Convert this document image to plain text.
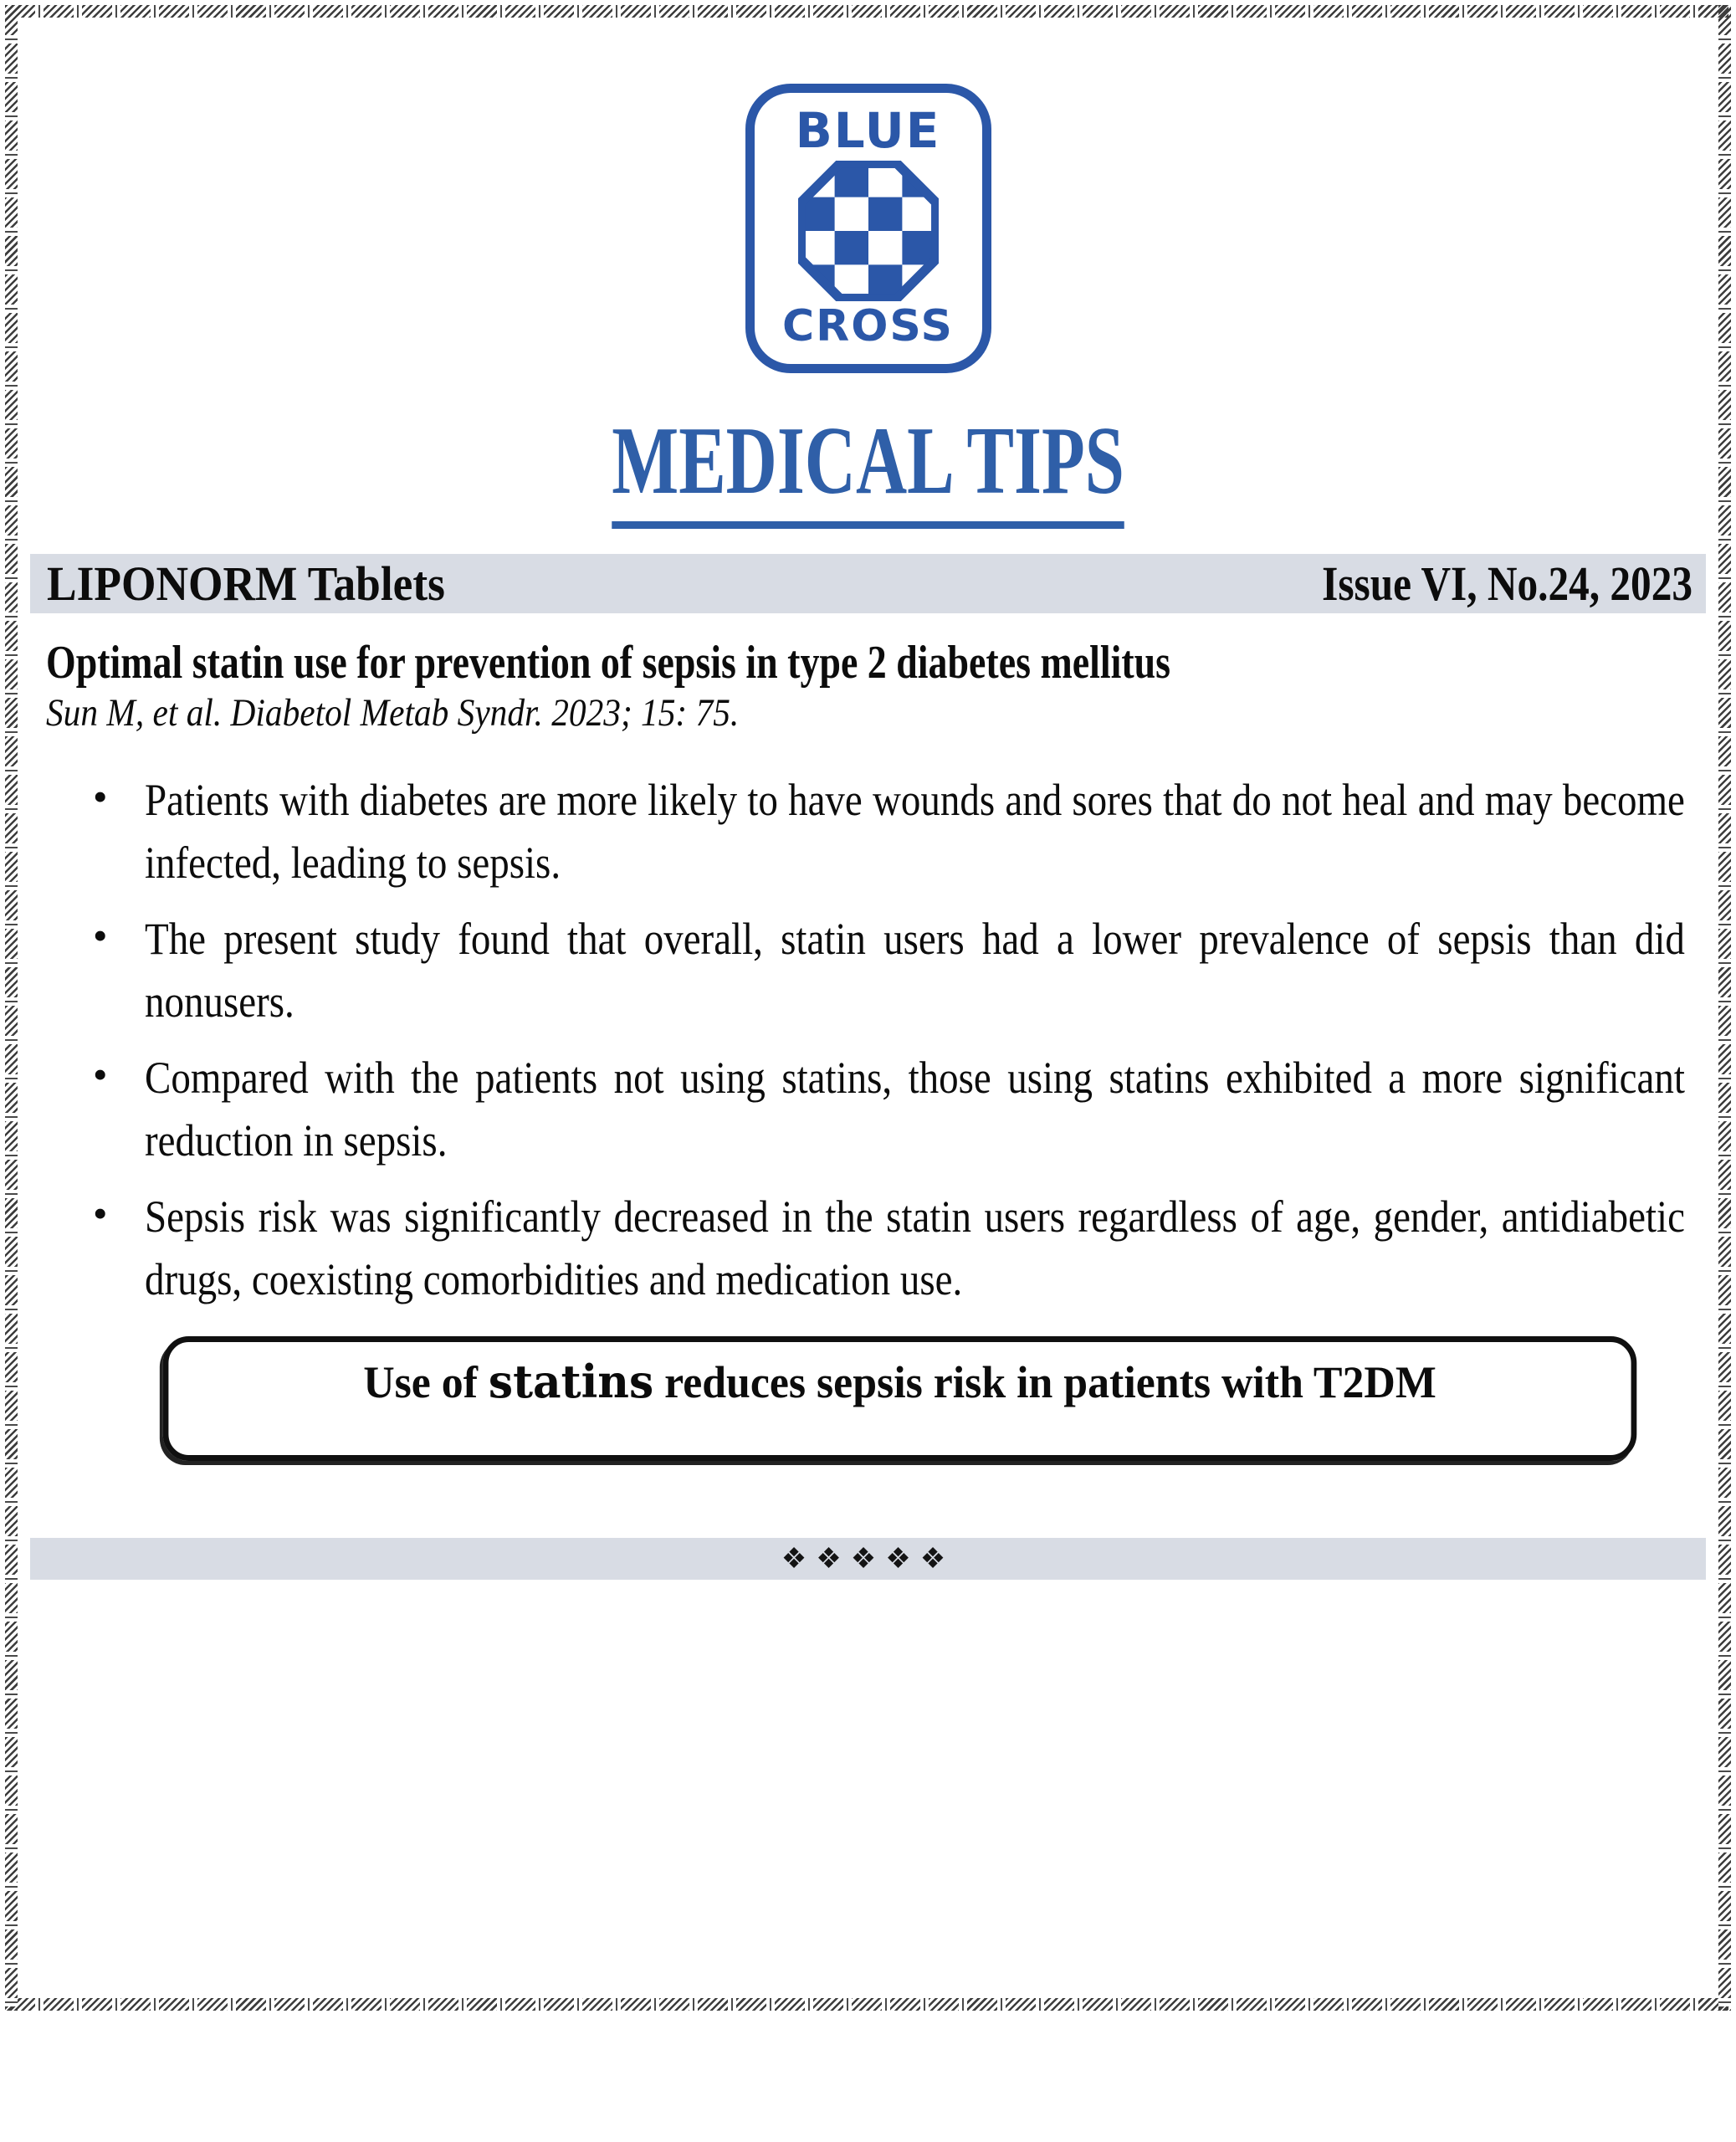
BLUE
CROSS
MEDICAL TIPS
LIPONORM Tablets	Issue VI, No.24, 2023
Optimal statin use for prevention of sepsis in type 2 diabetes mellitus

Sun M, et al. Diabetol Metab Syndr. 2023; 15: 75.

• Patients with diabetes are more likely to have wounds and sores that do not heal and may become infected, leading to sepsis.
• The present study found that overall, statin users had a lower prevalence of sepsis than did nonusers.
• Compared with the patients not using statins, those using statins exhibited a more significant reduction in sepsis.
• Sepsis risk was significantly decreased in the statin users regardless of age, gender, antidiabetic drugs, coexisting comorbidities and medication use.
Use of statins reduces sepsis risk in patients with T2DM
❖❖❖❖❖
